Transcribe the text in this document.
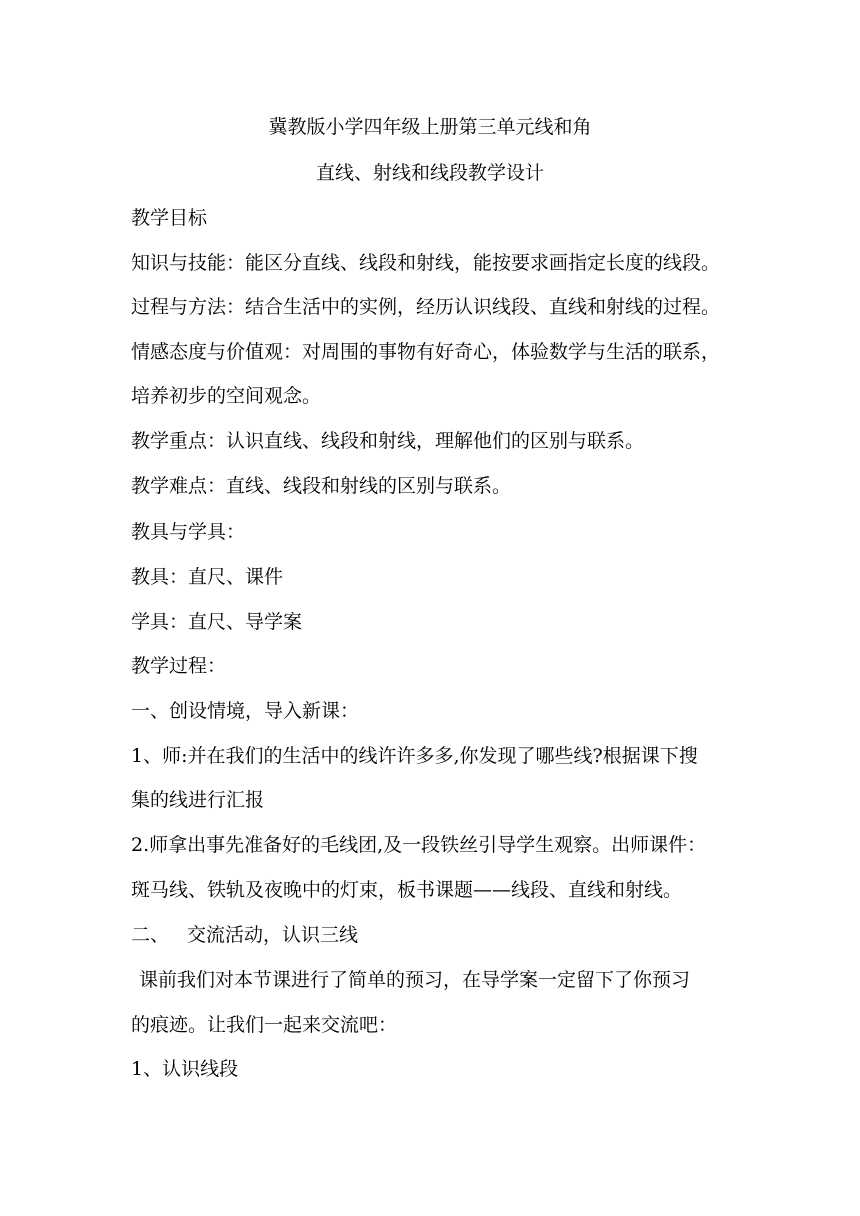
冀教版小学四年级上册第三单元线和角
直线、射线和线段教学设计
教学目标
知识与技能：能区分直线、线段和射线，能按要求画指定长度的线段。
过程与方法：结合生活中的实例，经历认识线段、直线和射线的过程。
情感态度与价值观：对周围的事物有好奇心，体验数学与生活的联系，
培养初步的空间观念。
教学重点：认识直线、线段和射线，理解他们的区别与联系。
教学难点：直线、线段和射线的区别与联系。
教具与学具：
教具：直尺、课件
学具：直尺、导学案
教学过程：
一、创设情境，导入新课：
1、师:并在我们的生活中的线许许多多,你发现了哪些线?根据课下搜
集的线进行汇报
2.师拿出事先准备好的毛线团,及一段铁丝引导学生观察。出师课件：
斑马线、铁轨及夜晚中的灯束，板书课题——线段、直线和射线。
二、 交流活动，认识三线
课前我们对本节课进行了简单的预习，在导学案一定留下了你预习
的痕迹。让我们一起来交流吧：
1、认识线段
